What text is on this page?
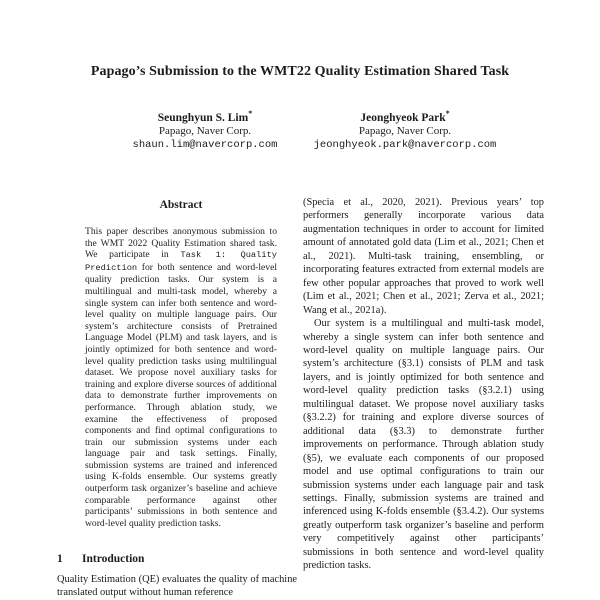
Papago’s Submission to the WMT22 Quality Estimation Shared Task
Seunghyun S. Lim*
Papago, Naver Corp.
shaun.lim@navercorp.com
Jeonghyeok Park*
Papago, Naver Corp.
jeonghyeok.park@navercorp.com
Abstract

This paper describes anonymous submission to the WMT 2022 Quality Estimation shared task. We participate in Task 1: Quality Prediction for both sentence and word-level quality prediction tasks. Our system is a multilingual and multi-task model, whereby a single system can infer both sentence and word-level quality on multiple language pairs. Our system’s architecture consists of Pretrained Language Model (PLM) and task layers, and is jointly optimized for both sentence and word-level quality prediction tasks using multilingual dataset. We propose novel auxiliary tasks for training and explore diverse sources of additional data to demonstrate further improvements on performance. Through ablation study, we examine the effectiveness of proposed components and find optimal configurations to train our submission systems under each language pair and task settings. Finally, submission systems are trained and inferenced using K-folds ensemble. Our systems greatly outperform task organizer’s baseline and achieve comparable performance against other participants’ submissions in both sentence and word-level quality prediction tasks.

1 Introduction

Quality Estimation (QE) evaluates the quality of machine translated output without human reference

(Specia et al., 2020, 2021). Previous years’ top performers generally incorporate various data augmentation techniques in order to account for limited amount of annotated gold data (Lim et al., 2021; Chen et al., 2021). Multi-task training, ensembling, or incorporating features extracted from external models are few other popular approaches that proved to work well (Lim et al., 2021; Chen et al., 2021; Zerva et al., 2021; Wang et al., 2021a).

Our system is a multilingual and multi-task model, whereby a single system can infer both sentence and word-level quality on multiple language pairs. Our system’s architecture (§3.1) consists of PLM and task layers, and is jointly optimized for both sentence and word-level quality prediction tasks (§3.2.1) using multilingual dataset. We propose novel auxiliary tasks (§3.2.2) for training and explore diverse sources of additional data (§3.3) to demonstrate further improvements on performance. Through ablation study (§5), we evaluate each components of our proposed model and use optimal configurations to train our submission systems under each language pair and task settings. Finally, submission systems are trained and inferenced using K-folds ensemble (§3.4.2). Our systems greatly outperform task organizer’s baseline and perform very competitively against other participants’ submissions in both sentence and word-level quality prediction tasks.
